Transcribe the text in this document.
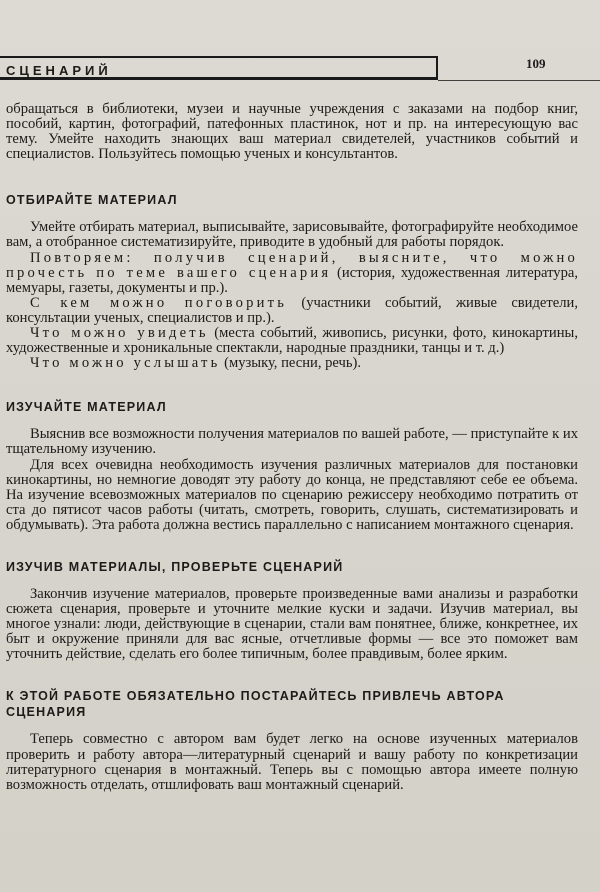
СЦЕНАРИЙ	109

обращаться в библиотеки, музеи и научные учреждения с заказами на подбор книг, пособий, картин, фотографий, патефонных пластинок, нот и пр. на интересующую вас тему. Умейте находить знающих ваш материал свидетелей, участников событий и специалистов. Пользуйтесь помощью ученых и консультантов.

ОТБИРАЙТЕ МАТЕРИАЛ

Умейте отбирать материал, выписывайте, зарисовывайте, фотографируйте необходимое вам, а отобранное систематизируйте, приводите в удобный для работы порядок.

Повторяем: получив сценарий, выясните, что можно прочесть по теме вашего сценария (история, художественная литература, мемуары, газеты, документы и пр.).

С кем можно поговорить (участники событий, живые свидетели, консультации ученых, специалистов и пр.).

Что можно увидеть (места событий, живопись, рисунки, фото, кинокартины, художественные и хроникальные спектакли, народные праздники, танцы и т. д.)

Что можно услышать (музыку, песни, речь).

ИЗУЧАЙТЕ МАТЕРИАЛ

Выяснив все возможности получения материалов по вашей работе, — приступайте к их тщательному изучению.

Для всех очевидна необходимость изучения различных материалов для постановки кинокартины, но немногие доводят эту работу до конца, не представляют себе ее объема. На изучение всевозможных материалов по сценарию режиссеру необходимо потратить от ста до пятисот часов работы (читать, смотреть, говорить, слушать, систематизировать и обдумывать). Эта работа должна вестись параллельно с написанием монтажного сценария.

ИЗУЧИВ МАТЕРИАЛЫ, ПРОВЕРЬТЕ СЦЕНАРИЙ

Закончив изучение материалов, проверьте произведенные вами анализы и разработки сюжета сценария, проверьте и уточните мелкие куски и задачи. Изучив материал, вы многое узнали: люди, действующие в сценарии, стали вам понятнее, ближе, конкретнее, их быт и окружение приняли для вас ясные, отчетливые формы — все это поможет вам уточнить действие, сделать его более типичным, более правдивым, более ярким.

К ЭТОЙ РАБОТЕ ОБЯЗАТЕЛЬНО ПОСТАРАЙТЕСЬ ПРИВЛЕЧЬ АВТОРА СЦЕНАРИЯ

Теперь совместно с автором вам будет легко на основе изученных материалов проверить и работу автора—литературный сценарий и вашу работу по конкретизации литературного сценария в монтажный. Теперь вы с помощью автора имеете полную возможность отделать, отшлифовать ваш монтажный сценарий.
